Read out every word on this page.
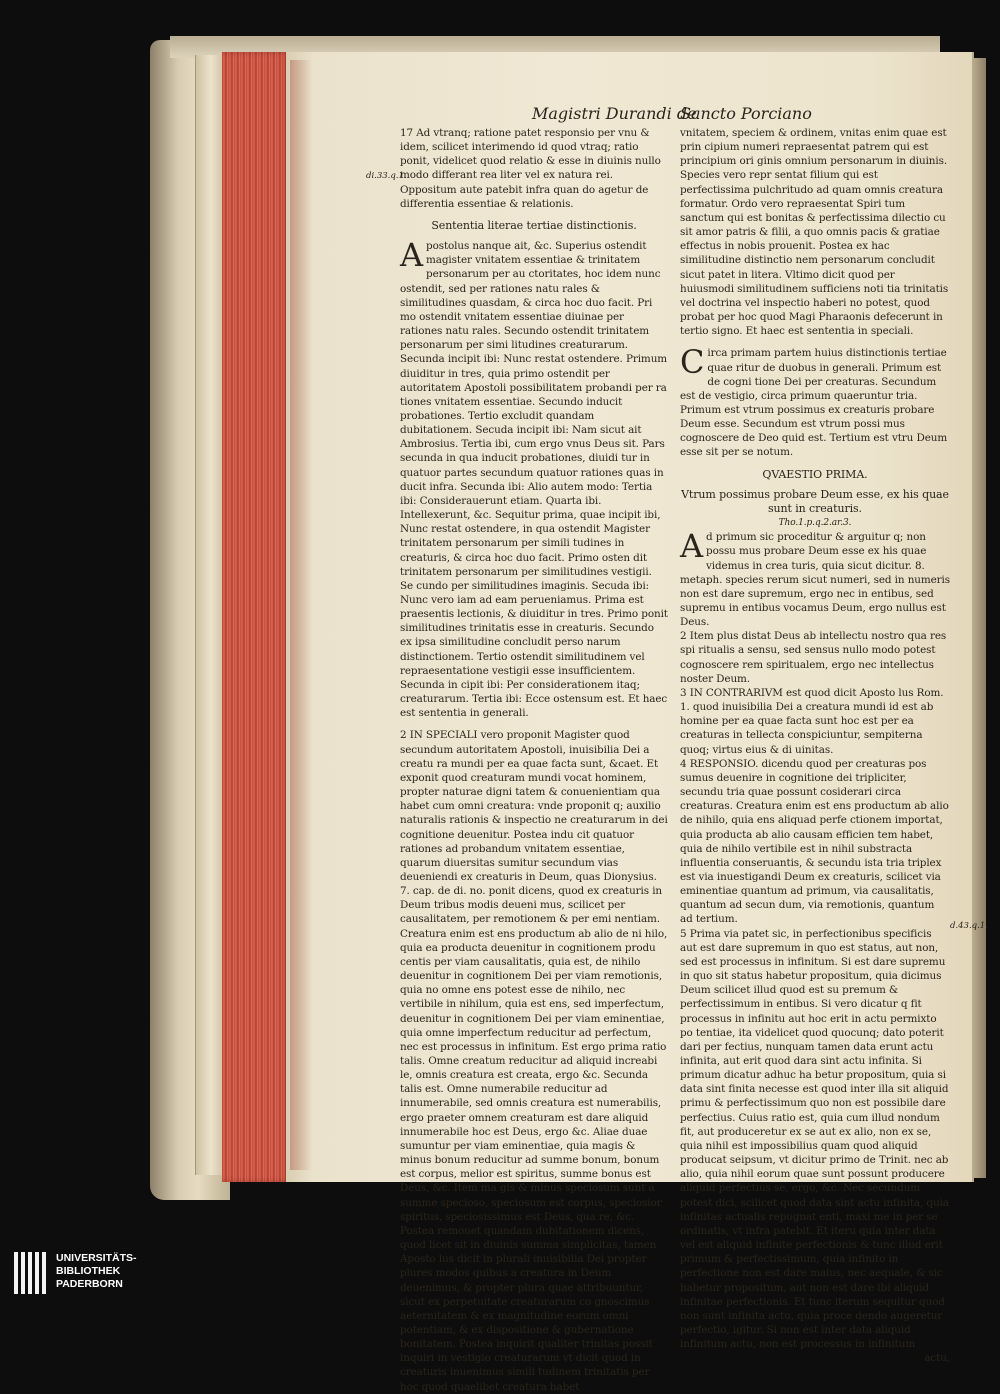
Magistri Durandi de
Sancto Porciano
di.33.q.1.
d.43.q.1.

17 Ad vtranq; ratione patet responsio per vnu & idem, scilicet interimendo id quod vtraq; ratio ponit, videlicet quod relatio & esse in diuinis nullo modo differant rea liter vel ex natura rei. Oppositum aute patebit infra quan do agetur de differentia essentiae & relationis.

Sententia literae tertiae distinctionis.

Apostolus nanque ait, &c. Superius ostendit magister vnitatem essentiae & trinitatem personarum per au ctoritates, hoc idem nunc ostendit, sed per rationes natu rales & similitudines quasdam, & circa hoc duo facit. Pri mo ostendit vnitatem essentiae diuinae per rationes natu rales. Secundo ostendit trinitatem personarum per simi litudines creaturarum. Secunda incipit ibi: Nunc restat ostendere. Primum diuiditur in tres, quia primo ostendit per autoritatem Apostoli possibilitatem probandi per ra tiones vnitatem essentiae. Secundo inducit probationes. Tertio excludit quandam dubitationem. Secuda incipit ibi: Nam sicut ait Ambrosius. Tertia ibi, cum ergo vnus Deus sit. Pars secunda in qua inducit probationes, diuidi tur in quatuor partes secundum quatuor rationes quas in ducit infra. Secunda ibi: Alio autem modo: Tertia ibi: Considerauerunt etiam. Quarta ibi. Intellexerunt, &c. Sequitur prima, quae incipit ibi, Nunc restat ostendere, in qua ostendit Magister trinitatem personarum per simili tudines in creaturis, & circa hoc duo facit. Primo osten dit trinitatem personarum per similitudines vestigii. Se cundo per similitudines imaginis. Secuda ibi: Nunc vero iam ad eam perueniamus. Prima est praesentis lectionis, & diuiditur in tres. Primo ponit similitudines trinitatis esse in creaturis. Secundo ex ipsa similitudine concludit perso narum distinctionem. Tertio ostendit similitudinem vel repraesentatione vestigii esse insufficientem. Secunda in cipit ibi: Per considerationem itaq; creaturarum. Tertia ibi: Ecce ostensum est. Et haec est sententia in generali.

2 IN SPECIALI vero proponit Magister quod secundum autoritatem Apostoli, inuisibilia Dei a creatu ra mundi per ea quae facta sunt, &caet. Et exponit quod creaturam mundi vocat hominem, propter naturae digni tatem & conuenientiam qua habet cum omni creatura: vnde proponit q; auxilio naturalis rationis & inspectio ne creaturarum in dei cognitione deuenitur. Postea indu cit quatuor rationes ad probandum vnitatem essentiae, quarum diuersitas sumitur secundum vias deueniendi ex creaturis in Deum, quas Dionysius. 7. cap. de di. no. ponit dicens, quod ex creaturis in Deum tribus modis deueni mus, scilicet per causalitatem, per remotionem & per emi nentiam. Creatura enim est ens productum ab alio de ni hilo, quia ea producta deuenitur in cognitionem produ centis per viam causalitatis, quia est, de nihilo deuenitur in cognitionem Dei per viam remotionis, quia no omne ens potest esse de nihilo, nec vertibile in nihilum, quia est ens, sed imperfectum, deuenitur in cognitionem Dei per viam eminentiae, quia omne imperfectum reducitur ad perfectum, nec est processus in infinitum. Est ergo prima ratio talis. Omne creatum reducitur ad aliquid increabi le, omnis creatura est creata, ergo &c. Secunda talis est. Omne numerabile reducitur ad innumerabile, sed omnis creatura est numerabilis, ergo praeter omnem creaturam est dare aliquid innumerabile hoc est Deus, ergo &c. Aliae duae sumuntur per viam eminentiae, quia magis & minus bonum reducitur ad summe bonum, bonum est corpus, melior est spiritus, summe bonus est Deus, &c. Item ma gis & minus speciosum sunt a summe specioso, speciosum est corpus, speciosior spiritus, speciosissimus est Deus, qua re, &c. Postea remouet quandam dubitationem dicens, quod licet sit in diuinis summa simplicitas, tamen Aposto lus dicit in plurali inuisibilia Dei propter plures modos quibus a creatura in Deum deuenimus, & propter plura quae attribuuntur, sicut ex perpetuitate creaturarum co gnoscimus aeternitatem & ex magnitudine eorum omni potentiam, & ex dispositione & gubernatione bonitatem. Postea inquirit qualiter trinitas possit inquiri in vestigio creaturarum vt dicit quod in creaturis inuenimus simili tudinem trinitatis per hoc quod quaelibet creatura habet

vnitatem, speciem & ordinem, vnitas enim quae est prin cipium numeri repraesentat patrem qui est principium ori ginis omnium personarum in diuinis. Species vero repr sentat filium qui est perfectissima pulchritudo ad quam omnis creatura formatur. Ordo vero repraesentat Spiri tum sanctum qui est bonitas & perfectissima dilectio cu sit amor patris & filii, a quo omnis pacis & gratiae effectus in nobis prouenit. Postea ex hac similitudine distinctio nem personarum concludit sicut patet in litera. Vltimo dicit quod per huiusmodi similitudinem sufficiens noti tia trinitatis vel doctrina vel inspectio haberi no potest, quod probat per hoc quod Magi Pharaonis defecerunt in tertio signo. Et haec est sententia in speciali.

Circa primam partem huius distinctionis tertiae quae ritur de duobus in generali. Primum est de cogni tione Dei per creaturas. Secundum est de vestigio, circa primum quaeruntur tria. Primum est vtrum possimus ex creaturis probare Deum esse. Secundum est vtrum possi mus cognoscere de Deo quid est. Tertium est vtru Deum esse sit per se notum.

QVAESTIO PRIMA.

Vtrum possimus probare Deum esse, ex his quae sunt in creaturis.

Tho.1.p.q.2.ar.3.

Ad primum sic proceditur & arguitur q; non possu mus probare Deum esse ex his quae videmus in crea turis, quia sicut dicitur. 8. metaph. species rerum sicut numeri, sed in numeris non est dare supremum, ergo nec in entibus, sed supremu in entibus vocamus Deum, ergo nullus est Deus.

2 Item plus distat Deus ab intellectu nostro qua res spi ritualis a sensu, sed sensus nullo modo potest cognoscere rem spiritualem, ergo nec intellectus noster Deum.

3 IN CONTRARIVM est quod dicit Aposto lus Rom. 1. quod inuisibilia Dei a creatura mundi id est ab homine per ea quae facta sunt hoc est per ea creaturas in tellecta conspiciuntur, sempiterna quoq; virtus eius & di uinitas.

4 RESPONSIO. dicendu quod per creaturas pos sumus deuenire in cognitione dei tripliciter, secundu tria quae possunt cosiderari circa creaturas. Creatura enim est ens productum ab alio de nihilo, quia ens aliquad perfe ctionem importat, quia producta ab alio causam efficien tem habet, quia de nihilo vertibile est in nihil substracta influentia conseruantis, & secundu ista tria triplex est via inuestigandi Deum ex creaturis, scilicet via eminentiae quantum ad primum, via causalitatis, quantum ad secun dum, via remotionis, quantum ad tertium.

5 Prima via patet sic, in perfectionibus specificis aut est dare supremum in quo est status, aut non, sed est processus in infinitum. Si est dare supremu in quo sit status habetur propositum, quia dicimus Deum scilicet illud quod est su premum & perfectissimum in entibus. Si vero dicatur q fit processus in infinitu aut hoc erit in actu permixto po tentiae, ita videlicet quod quocunq; dato poterit dari per fectius, nunquam tamen data erunt actu infinita, aut erit quod dara sint actu infinita. Si primum dicatur adhuc ha betur propositum, quia si data sint finita necesse est quod inter illa sit aliquid primu & perfectissimum quo non est possibile dare perfectius. Cuius ratio est, quia cum illud nondum fit, aut produceretur ex se aut ex alio, non ex se, quia nihil est impossibilius quam quod aliquid producat seipsum, vt dicitur primo de Trinit. nec ab alio, quia nihil eorum quae sunt possunt producere aliquid perfectius se, ergo, &c. Nec secundum potest dici, scilicet quod data sint actu infinita, quia infinitas actualis repugnat enti, maxi me in per se ordinatis, vt infra patebit. Et iteru quia inter data vel est aliquid infinite perfectionis & tunc illud erit primum & perfectissimum, quia infinito in perfectione non est dare maius, nec aequale, & sic habetur propositum, aut non est dare ibi aliquid infinitae perfectionis. Et tunc iterum sequitur quod non sunt infinita actu, quia proce dendo augeretur perfectio, igitur. Si non est inter data aliquid infinitum actu, non est processus in infinitum

actu,

UNIVERSITÄTS-
BIBLIOTHEK
PADERBORN
